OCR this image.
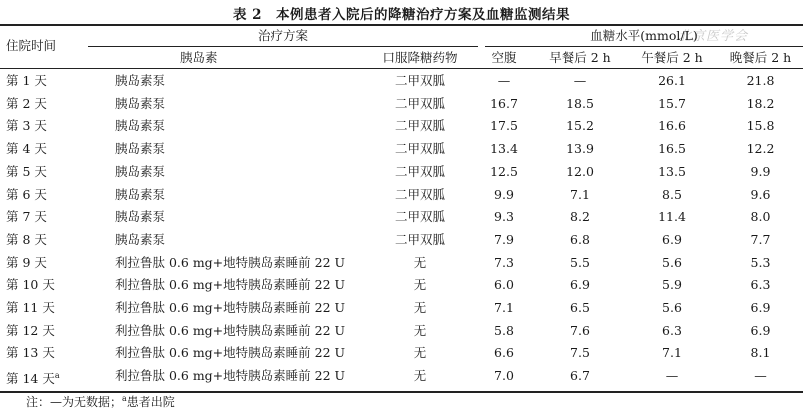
表 2 本例患者入院后的降糖治疗方案及血糖监测结果
北京医学会
住院时间
治疗方案	血糖水平(mmol/L)
胰岛素	口服降糖药物	空腹	早餐后 2 h	午餐后 2 h	晚餐后 2 h
第 1 天	胰岛素泵	二甲双胍	—	—	26.1	21.8
第 2 天	胰岛素泵	二甲双胍	16.7	18.5	15.7	18.2
第 3 天	胰岛素泵	二甲双胍	17.5	15.2	16.6	15.8
第 4 天	胰岛素泵	二甲双胍	13.4	13.9	16.5	12.2
第 5 天	胰岛素泵	二甲双胍	12.5	12.0	13.5	9.9
第 6 天	胰岛素泵	二甲双胍	9.9	7.1	8.5	9.6
第 7 天	胰岛素泵	二甲双胍	9.3	8.2	11.4	8.0
第 8 天	胰岛素泵	二甲双胍	7.9	6.8	6.9	7.7
第 9 天	利拉鲁肽 0.6 mg+地特胰岛素睡前 22 U	无	7.3	5.5	5.6	5.3
第 10 天	利拉鲁肽 0.6 mg+地特胰岛素睡前 22 U	无	6.0	6.9	5.9	6.3
第 11 天	利拉鲁肽 0.6 mg+地特胰岛素睡前 22 U	无	7.1	6.5	5.6	6.9
第 12 天	利拉鲁肽 0.6 mg+地特胰岛素睡前 22 U	无	5.8	7.6	6.3	6.9
第 13 天	利拉鲁肽 0.6 mg+地特胰岛素睡前 22 U	无	6.6	7.5	7.1	8.1
第 14 天$^a$	利拉鲁肽 0.6 mg+地特胰岛素睡前 22 U	无	7.0	6.7	—	—
注：—为无数据；$^a$患者出院
